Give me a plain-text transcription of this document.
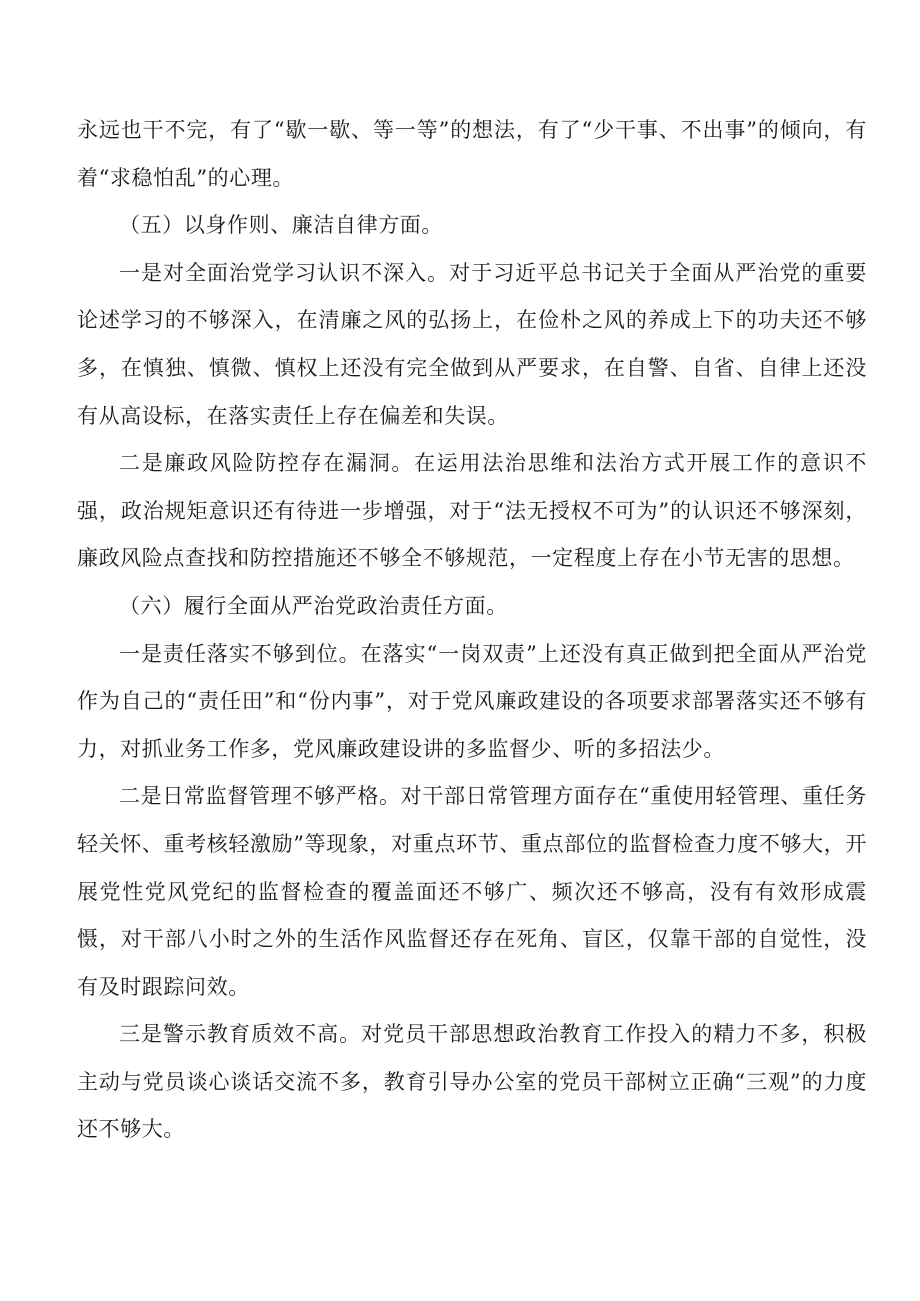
永远也干不完，有了“歇一歇、等一等”的想法，有了“少干事、不出事”的倾向，有着“求稳怕乱”的心理。

（五）以身作则、廉洁自律方面。

一是对全面治党学习认识不深入。对于习近平总书记关于全面从严治党的重要论述学习的不够深入，在清廉之风的弘扬上，在俭朴之风的养成上下的功夫还不够多，在慎独、慎微、慎权上还没有完全做到从严要求，在自警、自省、自律上还没有从高设标，在落实责任上存在偏差和失误。

二是廉政风险防控存在漏洞。在运用法治思维和法治方式开展工作的意识不强，政治规矩意识还有待进一步增强，对于“法无授权不可为”的认识还不够深刻，廉政风险点查找和防控措施还不够全不够规范，一定程度上存在小节无害的思想。

（六）履行全面从严治党政治责任方面。

一是责任落实不够到位。在落实“一岗双责”上还没有真正做到把全面从严治党作为自己的“责任田”和“份内事”，对于党风廉政建设的各项要求部署落实还不够有力，对抓业务工作多，党风廉政建设讲的多监督少、听的多招法少。

二是日常监督管理不够严格。对干部日常管理方面存在“重使用轻管理、重任务轻关怀、重考核轻激励”等现象，对重点环节、重点部位的监督检查力度不够大，开展党性党风党纪的监督检查的覆盖面还不够广、频次还不够高，没有有效形成震慑，对干部八小时之外的生活作风监督还存在死角、盲区，仅靠干部的自觉性，没有及时跟踪问效。

三是警示教育质效不高。对党员干部思想政治教育工作投入的精力不多，积极主动与党员谈心谈话交流不多，教育引导办公室的党员干部树立正确“三观”的力度还不够大。
